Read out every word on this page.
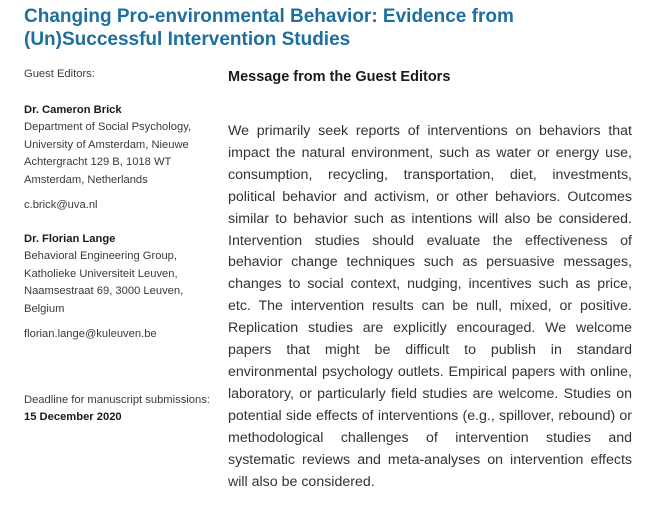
Changing Pro-environmental Behavior: Evidence from (Un)Successful Intervention Studies
Guest Editors:
Dr. Cameron Brick
Department of Social Psychology, University of Amsterdam, Nieuwe Achtergracht 129 B, 1018 WT Amsterdam, Netherlands
c.brick@uva.nl
Dr. Florian Lange
Behavioral Engineering Group, Katholieke Universiteit Leuven, Naamsestraat 69, 3000 Leuven, Belgium
florian.lange@kuleuven.be
Deadline for manuscript submissions:
15 December 2020
Message from the Guest Editors

We primarily seek reports of interventions on behaviors that impact the natural environment, such as water or energy use, consumption, recycling, transportation, diet, investments, political behavior and activism, or other behaviors. Outcomes similar to behavior such as intentions will also be considered. Intervention studies should evaluate the effectiveness of behavior change techniques such as persuasive messages, changes to social context, nudging, incentives such as price, etc. The intervention results can be null, mixed, or positive. Replication studies are explicitly encouraged. We welcome papers that might be difficult to publish in standard environmental psychology outlets. Empirical papers with online, laboratory, or particularly field studies are welcome. Studies on potential side effects of interventions (e.g., spillover, rebound) or methodological challenges of intervention studies and systematic reviews and meta-analyses on intervention effects will also be considered.
